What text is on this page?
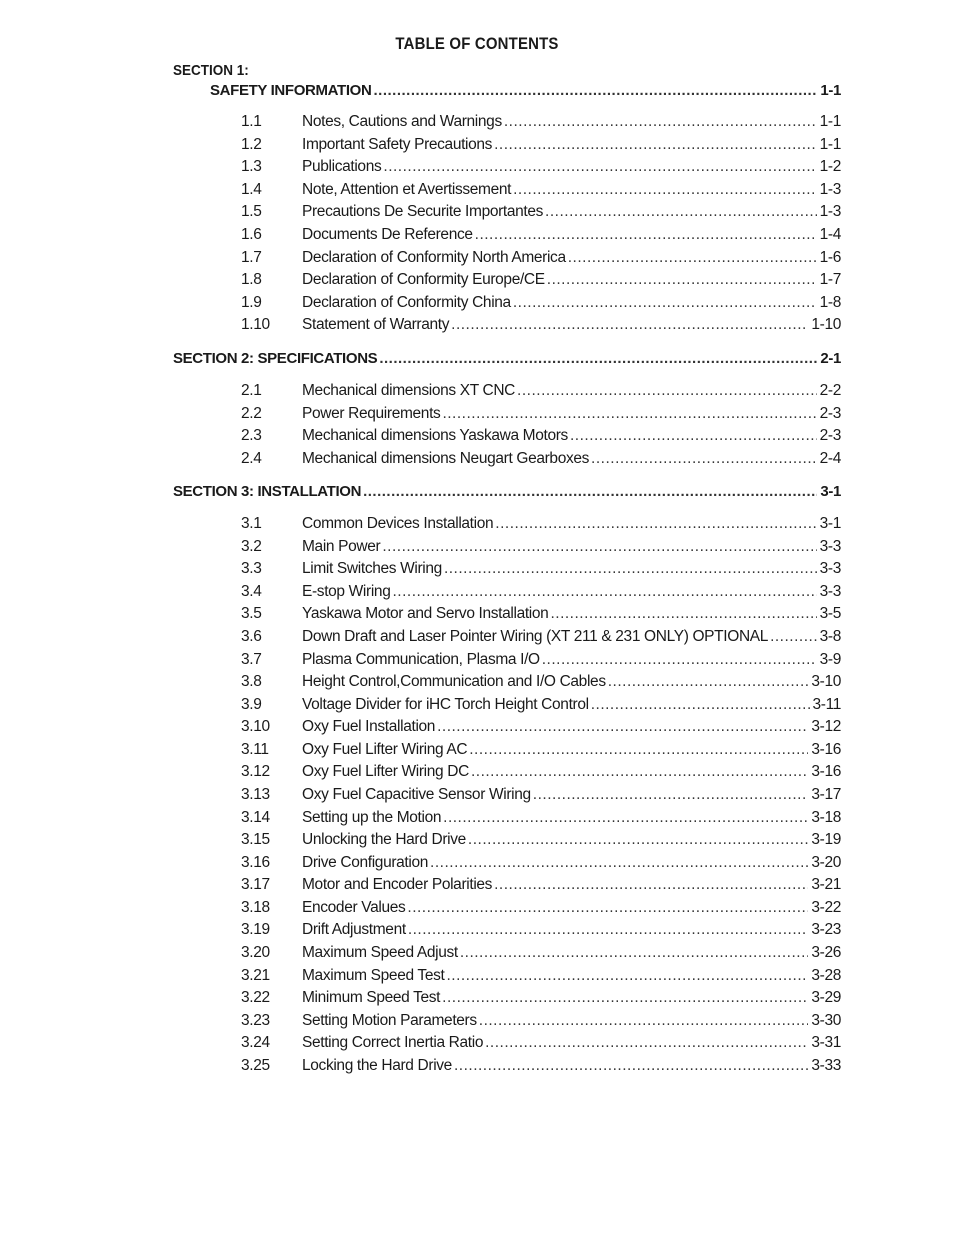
TABLE OF CONTENTS
SECTION 1:
SAFETY INFORMATION .....	1-1
1.1	Notes, Cautions and Warnings .....	1-1
1.2	Important Safety Precautions .....	1-1
1.3	Publications .....	1-2
1.4	Note, Attention et Avertissement .....	1-3
1.5	Precautions De Securite Importantes .....	1-3
1.6	Documents De Reference .....	1-4
1.7	Declaration of Conformity North America .....	1-6
1.8	Declaration of Conformity Europe/CE .....	1-7
1.9	Declaration of Conformity China .....	1-8
1.10	Statement of Warranty .....	1-10
SECTION 2: SPECIFICATIONS .....	2-1
2.1	Mechanical dimensions XT CNC .....	2-2
2.2	Power Requirements .....	2-3
2.3	Mechanical dimensions Yaskawa Motors .....	2-3
2.4	Mechanical dimensions Neugart Gearboxes .....	2-4
SECTION 3: INSTALLATION .....	3-1
3.1	Common Devices Installation .....	3-1
3.2	Main Power .....	3-3
3.3	Limit Switches Wiring .....	3-3
3.4	E-stop Wiring .....	3-3
3.5	Yaskawa Motor and Servo Installation .....	3-5
3.6	Down Draft and Laser Pointer Wiring (XT 211 & 231 ONLY) OPTIONAL .....	3-8
3.7	Plasma Communication, Plasma I/O .....	3-9
3.8	Height Control,Communication and I/O Cables .....	3-10
3.9	Voltage Divider for iHC Torch Height Control .....	3-11
3.10	Oxy Fuel Installation .....	3-12
3.11	Oxy Fuel Lifter Wiring AC .....	3-16
3.12	Oxy Fuel Lifter Wiring DC .....	3-16
3.13	Oxy Fuel Capacitive Sensor Wiring .....	3-17
3.14	Setting up the Motion .....	3-18
3.15	Unlocking the Hard Drive .....	3-19
3.16	Drive Configuration .....	3-20
3.17	Motor and Encoder Polarities .....	3-21
3.18	Encoder Values .....	3-22
3.19	Drift Adjustment .....	3-23
3.20	Maximum Speed Adjust .....	3-26
3.21	Maximum Speed Test .....	3-28
3.22	Minimum Speed Test .....	3-29
3.23	Setting Motion Parameters .....	3-30
3.24	Setting Correct Inertia Ratio .....	3-31
3.25	Locking the Hard Drive .....	3-33
